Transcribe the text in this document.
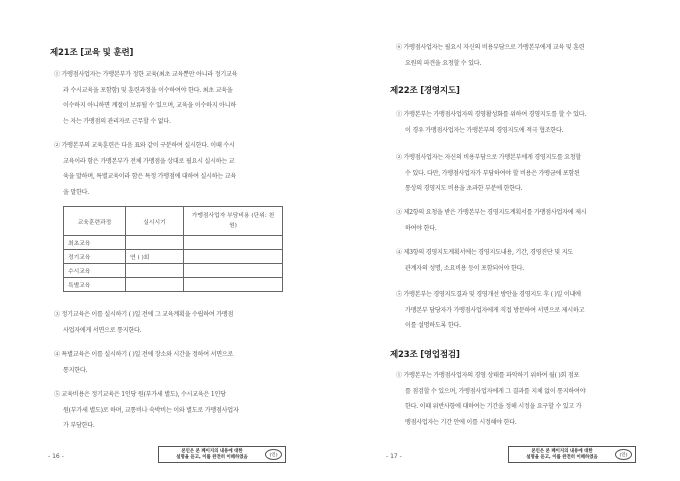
제21조 [교육 및 훈련]
① 가맹점사업자는 가맹본부가 정한 교육(최초 교육뿐만 아니라 정기교육
과 수시교육을 포함함) 및 훈련과정을 이수하여야 한다. 최초 교육을
이수하지 아니하면 계절이 보류될 수 있으며, 교육을 이수하지 아니하
는 자는 가맹점의 관리자로 근무할 수 없다.
② 가맹본부의 교육훈련은 다음 표와 같이 구분하여 실시한다. 이때 수시
교육이라 함은 가맹본부가 전체 가맹점을 상대로 필요시 실시하는 교
육을 말하며, 특별교육이라 함은 특정 가맹점에 대하여 실시하는 교육
을 말한다.
교육훈련과정	실시시기	가맹점사업자 부담비용 (단위: 천원)
최초교육		
정기교육	연 ( )회	
수시교육		
특별교육		
③ 정기교육은 이를 실시하기 ( )일 전에 그 교육계획을 수립하여 가맹점
사업자에게 서면으로 통지한다.
④ 특별교육은 이를 실시하기 ( )일 전에 장소와 시간을 정하여 서면으로
통지한다.
⑤ 교육비용은 정기교육은 1인당 원(부가세 별도), 수시교육은 1인당
원(부가세 별도)로 하며, 교통비나 숙박비는 이와 별도로 가맹점사업자
가 부담한다.
본인은 본 페이지의 내용에 대한
설명을 듣고, 이를 완전히 이해하였음	(인)
- 16 -
⑥ 가맹점사업자는 필요시 자신의 비용부담으로 가맹본부에게 교육 및 훈련
요원의 파견을 요청할 수 있다.
제22조 [경영지도]
① 가맹본부는 가맹점사업자의 경영활성화를 위하여 경영지도를 할 수 있다.
이 경우 가맹점사업자는 가맹본부의 경영지도에 적극 협조한다.
② 가맹점사업자는 자신의 비용부담으로 가맹본부에게 경영지도를 요청할
수 있다. 다만, 가맹점사업자가 부담하여야 할 비용은 가맹금에 포함된
통상의 경영지도 비용을 초과한 부분에 한한다.
③ 제2항의 요청을 받은 가맹본부는 경영지도계획서를 가맹점사업자에 제시
하여야 한다.
④ 제3항의 경영지도계획서에는 경영지도내용, 기간, 경영진단 및 지도
관계자의 성명, 소요비용 등이 포함되어야 한다.
⑤ 가맹본부는 경영지도결과 및 경영개선 방안을 경영지도 후 ( )일 이내에
가맹본부 담당자가 가맹점사업자에게 직접 방문하여 서면으로 제시하고
이를 설명하도록 한다.
제23조 [영업점검]
① 가맹본부는 가맹점사업자의 경영 상태를 파악하기 위하여 월( )회 점포
를 점검할 수 있으며, 가맹점사업자에게 그 결과를 지체 없이 통지하여야
한다. 이때 위반사항에 대하여는 기간을 정해 시정을 요구할 수 있고 가
맹점사업자는 기간 안에 이를 시정해야 한다.
본인은 본 페이지의 내용에 대한
설명을 듣고, 이를 완전히 이해하였음	(인)
- 17 -
